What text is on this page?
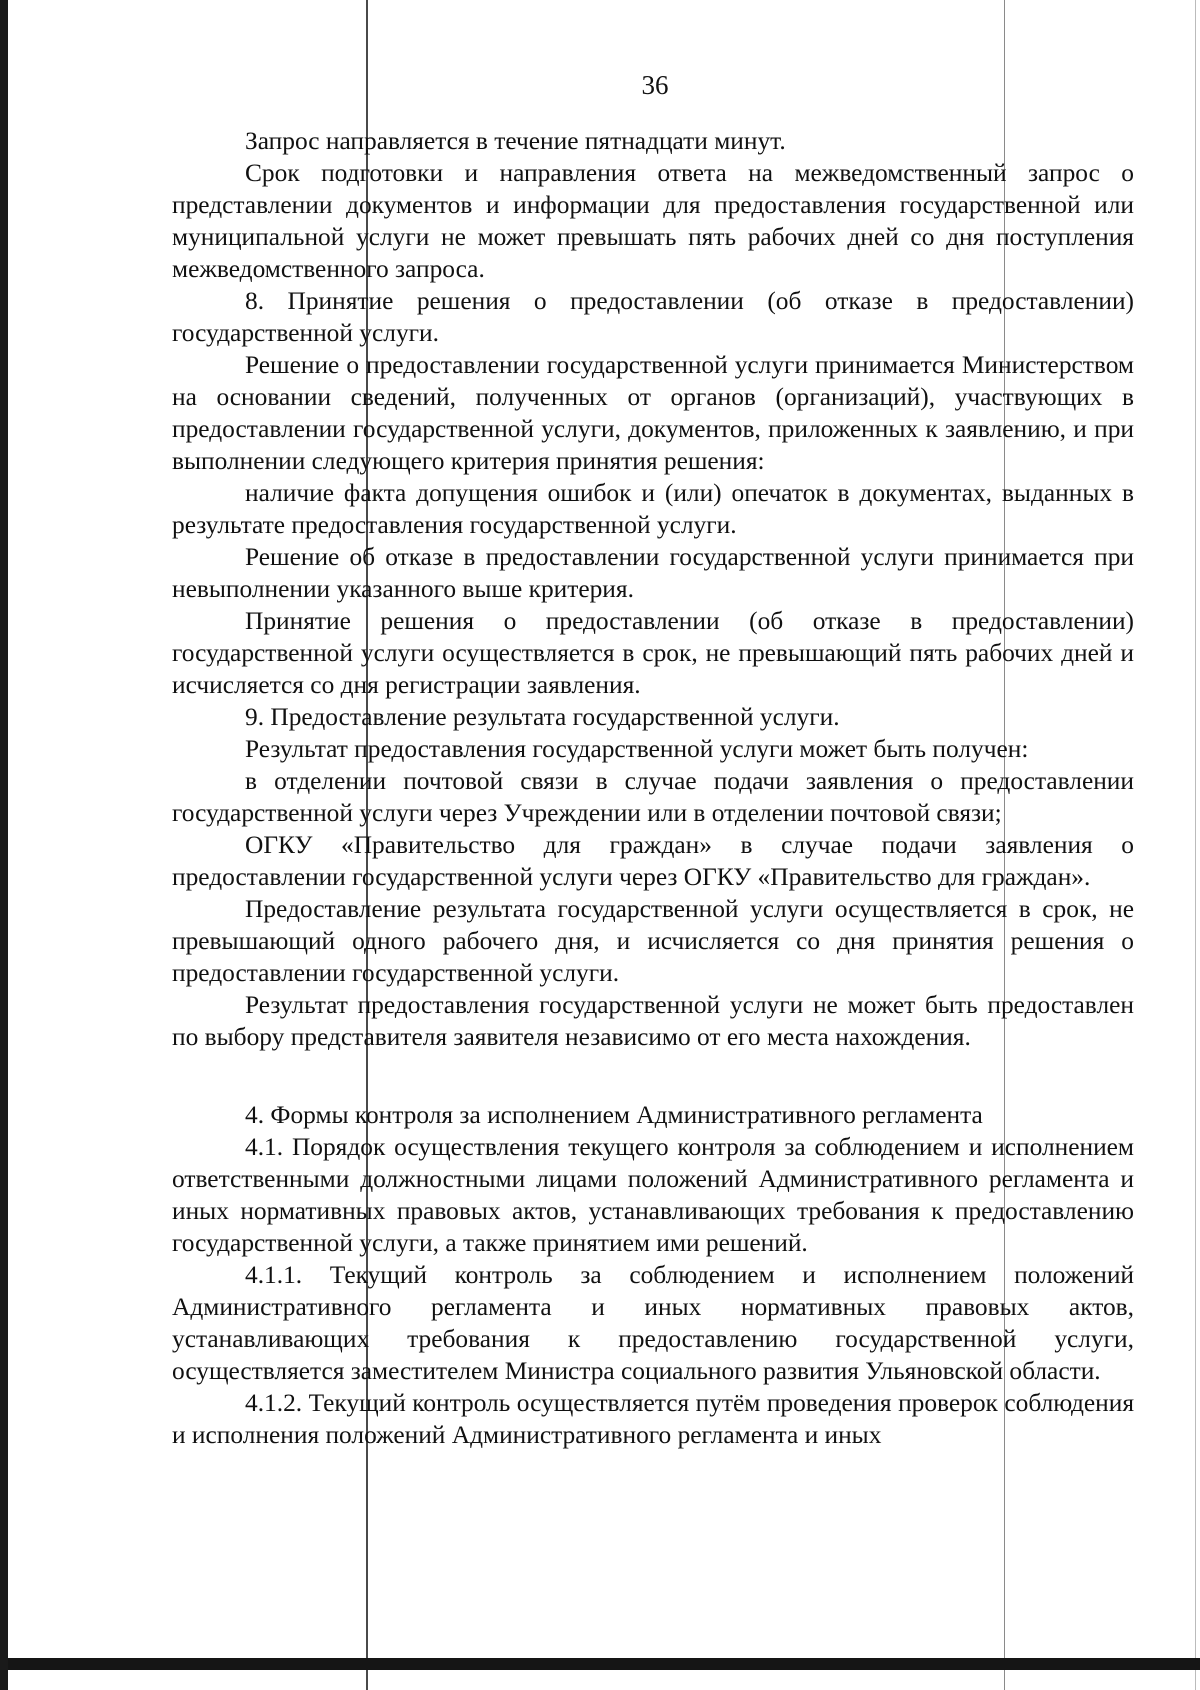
36

Запрос направляется в течение пятнадцати минут.

Срок подготовки и направления ответа на межведомственный запрос о представлении документов и информации для предоставления государственной или муниципальной услуги не может превышать пять рабочих дней со дня поступления межведомственного запроса.

8. Принятие решения о предоставлении (об отказе в предоставлении) государственной услуги.

Решение о предоставлении государственной услуги принимается Министерством на основании сведений, полученных от органов (организаций), участвующих в предоставлении государственной услуги, документов, приложенных к заявлению, и при выполнении следующего критерия принятия решения:

наличие факта допущения ошибок и (или) опечаток в документах, выданных в результате предоставления государственной услуги.

Решение об отказе в предоставлении государственной услуги принимается при невыполнении указанного выше критерия.

Принятие решения о предоставлении (об отказе в предоставлении) государственной услуги осуществляется в срок, не превышающий пять рабочих дней и исчисляется со дня регистрации заявления.

9. Предоставление результата государственной услуги.

Результат предоставления государственной услуги может быть получен:

в отделении почтовой связи в случае подачи заявления о предоставлении государственной услуги через Учреждении или в отделении почтовой связи;

ОГКУ «Правительство для граждан» в случае подачи заявления о предоставлении государственной услуги через ОГКУ «Правительство для граждан».

Предоставление результата государственной услуги осуществляется в срок, не превышающий одного рабочего дня, и исчисляется со дня принятия решения о предоставлении государственной услуги.

Результат предоставления государственной услуги не может быть предоставлен по выбору представителя заявителя независимо от его места нахождения.

4. Формы контроля за исполнением Административного регламента

4.1. Порядок осуществления текущего контроля за соблюдением и исполнением ответственными должностными лицами положений Административного регламента и иных нормативных правовых актов, устанавливающих требования к предоставлению государственной услуги, а также принятием ими решений.

4.1.1. Текущий контроль за соблюдением и исполнением положений Административного регламента и иных нормативных правовых актов, устанавливающих требования к предоставлению государственной услуги, осуществляется заместителем Министра социального развития Ульяновской области.

4.1.2. Текущий контроль осуществляется путём проведения проверок соблюдения и исполнения положений Административного регламента и иных
